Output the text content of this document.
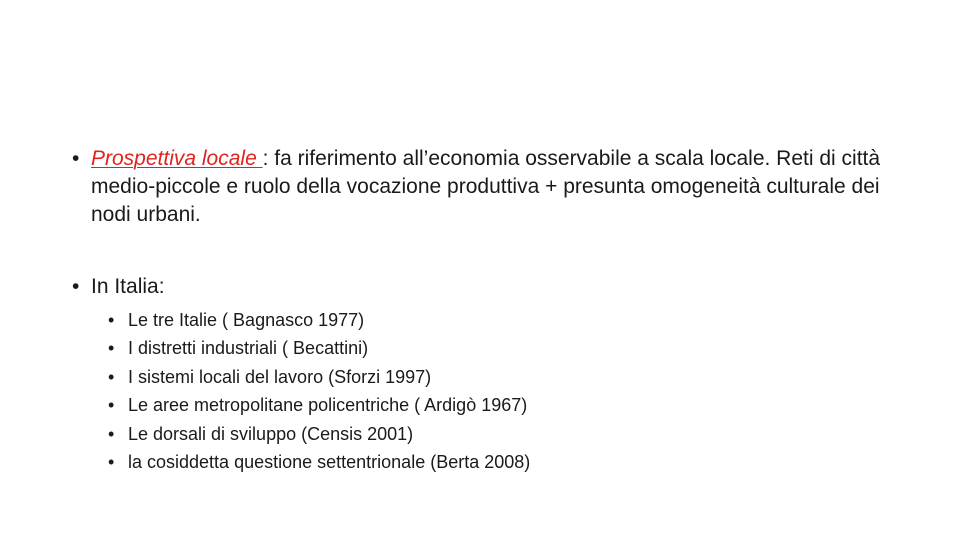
• Prospettiva locale : fa riferimento all’economia osservabile a scala locale. Reti di città medio-piccole e ruolo della vocazione produttiva + presunta omogeneità culturale dei nodi urbani.
• In Italia:
• Le tre Italie ( Bagnasco 1977)
• I distretti industriali ( Becattini)
• I sistemi locali del lavoro (Sforzi 1997)
• Le aree metropolitane policentriche ( Ardigò 1967)
• Le dorsali di sviluppo (Censis 2001)
• la cosiddetta questione settentrionale (Berta 2008)
